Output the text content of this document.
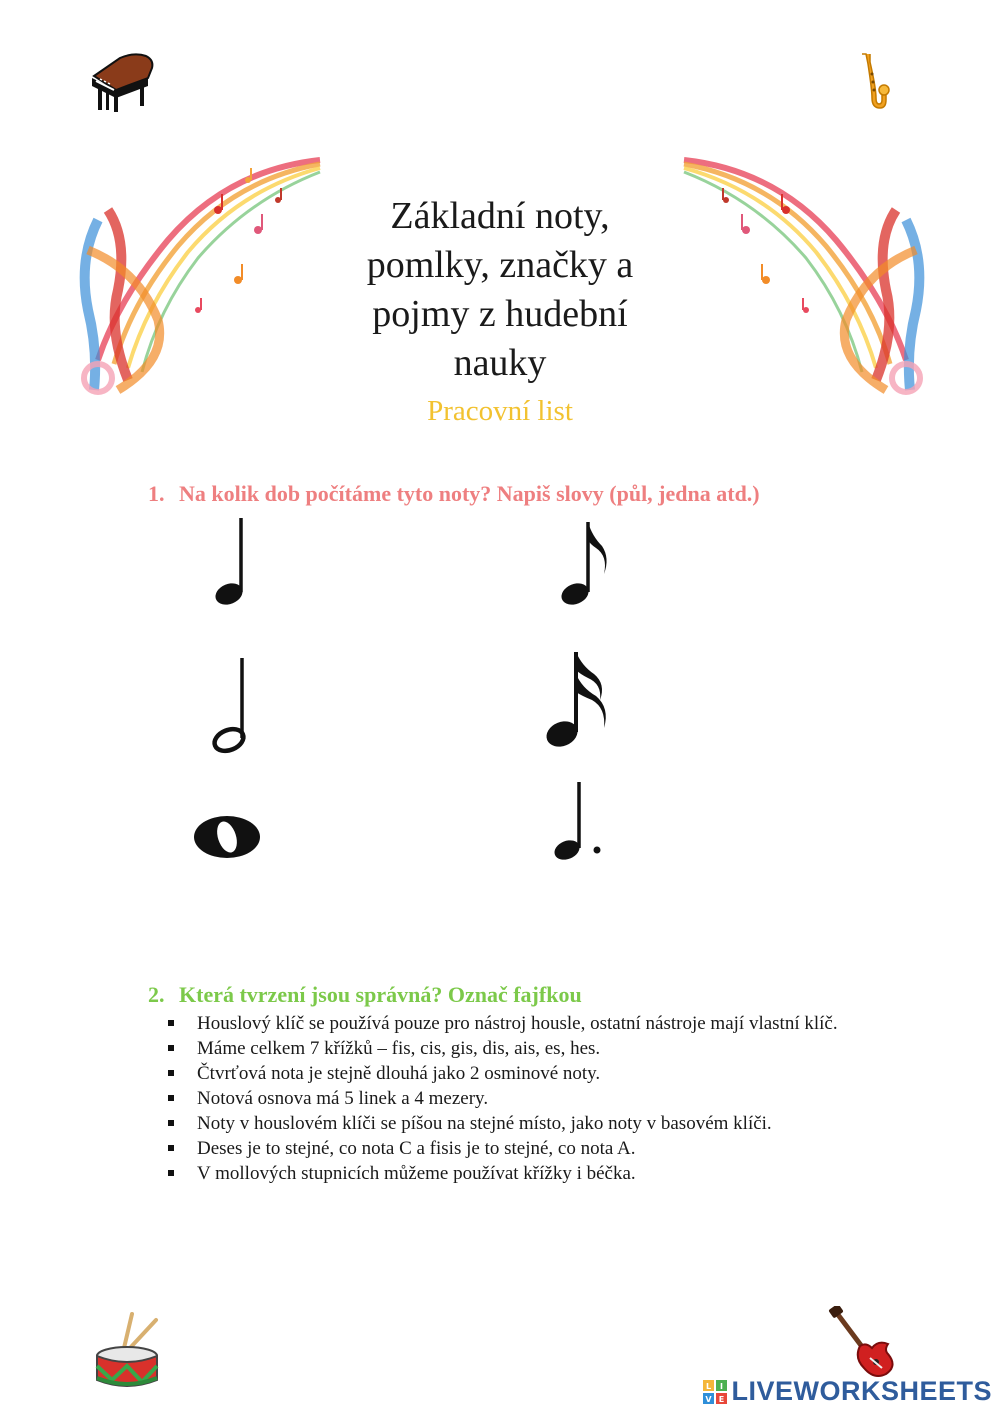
Základní noty,
pomlky, značky a
pojmy z hudební
nauky
Pracovní list

1. Na kolik dob počítáme tyto noty? Napiš slovy (půl, jedna atd.)

2. Která tvrzení jsou správná? Označ fajfkou

Houslový klíč se používá pouze pro nástroj housle, ostatní nástroje mají vlastní klíč.
Máme celkem 7 křížků – fis, cis, gis, dis, ais, es, hes.
Čtvrťová nota je stejně dlouhá jako 2 osminové noty.
Notová osnova má 5 linek a 4 mezery.
Noty v houslovém klíči se píšou na stejné místo, jako noty v basovém klíči.
Deses je to stejné, co nota C a fisis je to stejné, co nota A.
V mollových stupnicích můžeme používat křížky i béčka.
L I
V E LIVEWORKSHEETS
